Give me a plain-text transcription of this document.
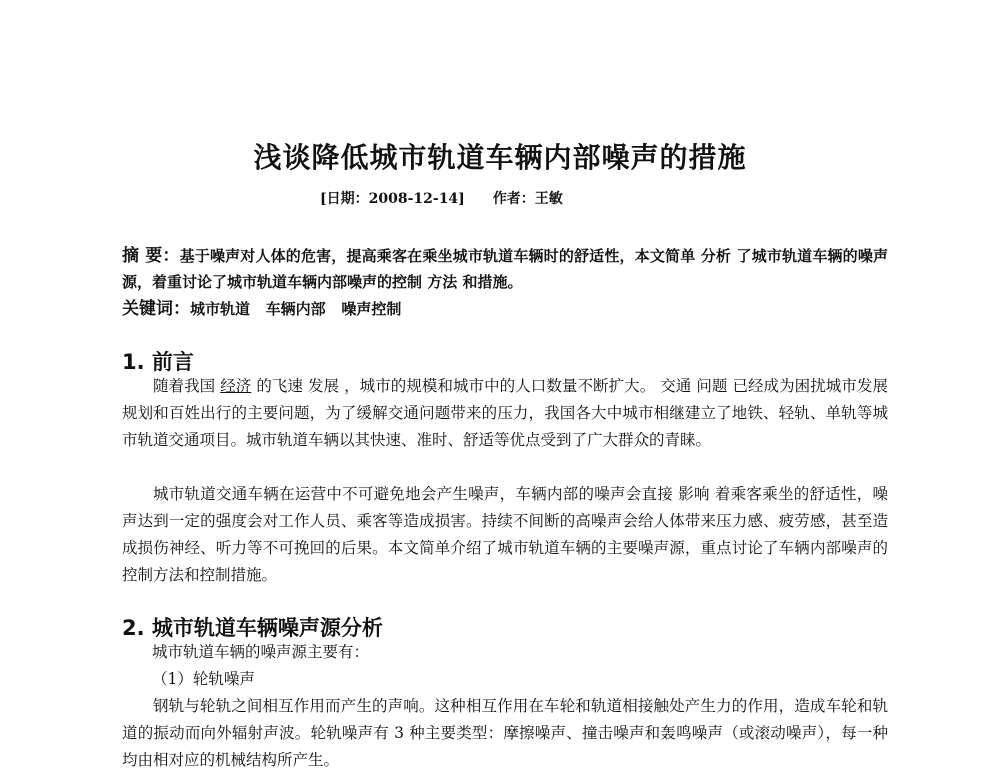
浅谈降低城市轨道车辆内部噪声的措施
[日期：2008-12-14] 作者：王敏

摘 要：基于噪声对人体的危害，提高乘客在乘坐城市轨道车辆时的舒适性，本文简单 分析 了城市轨道车辆的噪声源，着重讨论了城市轨道车辆内部噪声的控制 方法 和措施。

关键词：城市轨道   车辆内部   噪声控制

1. 前言

随着我国 经济 的飞速 发展 ，城市的规模和城市中的人口数量不断扩大。 交通 问题 已经成为困扰城市发展规划和百姓出行的主要问题，为了缓解交通问题带来的压力，我国各大中城市相继建立了地铁、轻轨、单轨等城市轨道交通项目。城市轨道车辆以其快速、准时、舒适等优点受到了广大群众的青睐。

城市轨道交通车辆在运营中不可避免地会产生噪声，车辆内部的噪声会直接 影响 着乘客乘坐的舒适性，噪声达到一定的强度会对工作人员、乘客等造成损害。持续不间断的高噪声会给人体带来压力感、疲劳感，甚至造成损伤神经、听力等不可挽回的后果。本文简单介绍了城市轨道车辆的主要噪声源，重点讨论了车辆内部噪声的控制方法和控制措施。

2. 城市轨道车辆噪声源分析

城市轨道车辆的噪声源主要有：

（1）轮轨噪声

钢轨与轮轨之间相互作用而产生的声响。这种相互作用在车轮和轨道相接触处产生力的作用，造成车轮和轨道的振动而向外辐射声波。轮轨噪声有 3 种主要类型：摩擦噪声、撞击噪声和轰鸣噪声（或滚动噪声），每一种均由相对应的机械结构所产生。
